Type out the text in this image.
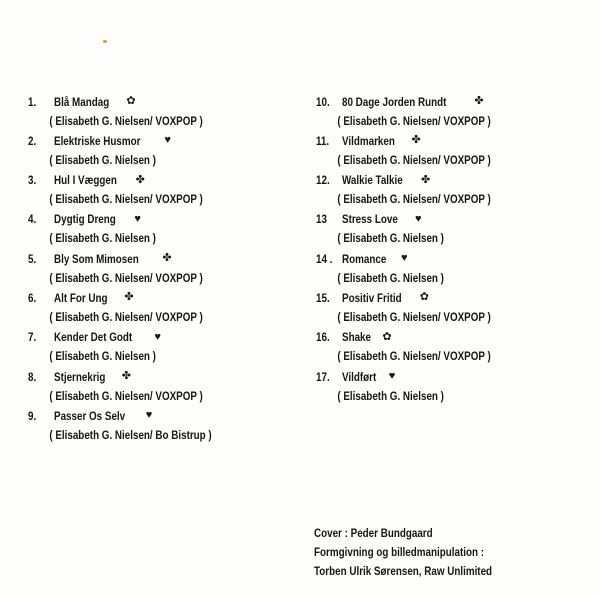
1.	Blå Mandag ✿
( Elisabeth G. Nielsen/ VOXPOP )
2.	Elektriske Husmor ♥
( Elisabeth G. Nielsen )
3.	Hul I Væggen ✤
( Elisabeth G. Nielsen/ VOXPOP )
4.	Dygtig Dreng ♥
( Elisabeth G. Nielsen )
5.	Bly Som Mimosen ✤
( Elisabeth G. Nielsen/ VOXPOP )
6.	Alt For Ung ✤
( Elisabeth G. Nielsen/ VOXPOP )
7.	Kender Det Godt ♥
( Elisabeth G. Nielsen )
8.	Stjernekrig ✤
( Elisabeth G. Nielsen/ VOXPOP )
9.	Passer Os Selv ♥
( Elisabeth G. Nielsen/ Bo Bistrup )
10.	80 Dage Jorden Rundt	✤
( Elisabeth G. Nielsen/ VOXPOP )
11.	Vildmarken ✤
( Elisabeth G. Nielsen/ VOXPOP )
12.	Walkie Talkie ✤
( Elisabeth G. Nielsen/ VOXPOP )
13	Stress Love ♥
( Elisabeth G. Nielsen )
14 . Romance ♥
( Elisabeth G. Nielsen )
15.	Positiv Fritid ✿
( Elisabeth G. Nielsen/ VOXPOP )
16.	Shake ✿
( Elisabeth G. Nielsen/ VOXPOP )
17.	Vildført ♥
( Elisabeth G. Nielsen )
Cover : Peder Bundgaard
Formgivning og billedmanipulation :
Torben Ulrik Sørensen, Raw Unlimited
